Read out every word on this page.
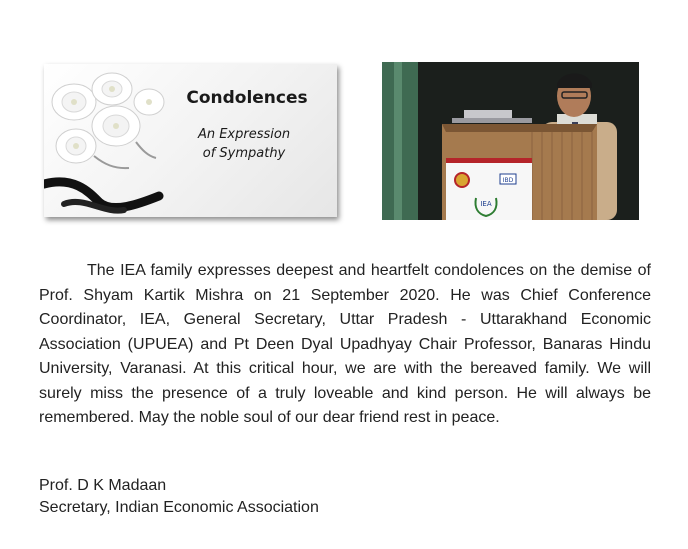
Condolences
An Expression
of Sympathy
IBD
IEA

The IEA family expresses deepest and heartfelt condolences on the demise of Prof. Shyam Kartik Mishra on 21 September 2020. He was Chief Conference Coordinator, IEA, General Secretary, Uttar Pradesh - Uttarakhand Economic Association (UPUEA) and Pt Deen Dyal Upadhyay Chair Professor, Banaras Hindu University, Varanasi. At this critical hour, we are with the bereaved family. We will surely miss the presence of a truly loveable and kind person. He will always be remembered. May the noble soul of our dear friend rest in peace.

Prof. D K Madaan
Secretary, Indian Economic Association
